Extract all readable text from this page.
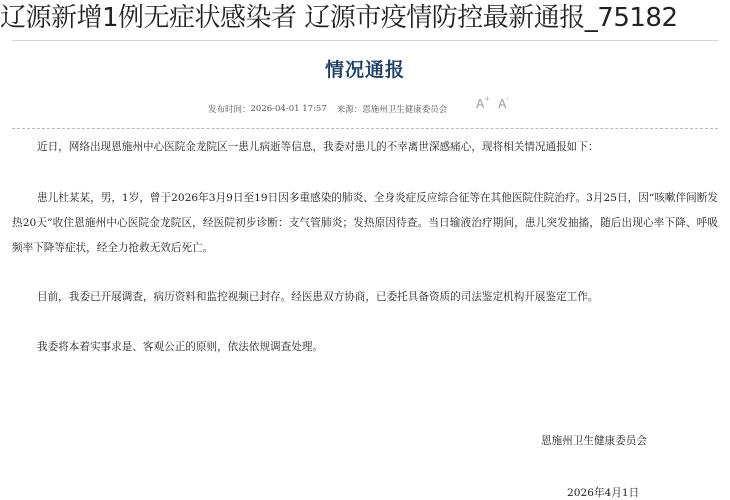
辽源新增1例无症状感染者 辽源市疫情防控最新通报_75182
情况通报
发布时间： 2026-04-01 17:57 来源： 恩施州卫生健康委员会 A+ A-

近日，网络出现恩施州中心医院金龙院区一患儿病逝等信息，我委对患儿的不幸离世深感痛心，现将相关情况通报如下：

患儿杜某某，男，1岁，曾于2026年3月9日至19日因多重感染的肺炎、全身炎症反应综合征等在其他医院住院治疗。3月25日，因“咳嗽伴间断发热20天”收住恩施州中心医院金龙院区，经医院初步诊断：支气管肺炎；发热原因待查。当日输液治疗期间，患儿突发抽搐，随后出现心率下降、呼吸频率下降等症状，经全力抢救无效后死亡。

目前，我委已开展调查，病历资料和监控视频已封存。经医患双方协商，已委托具备资质的司法鉴定机构开展鉴定工作。

我委将本着实事求是、客观公正的原则，依法依规调查处理。

恩施州卫生健康委员会
2026年4月1日
